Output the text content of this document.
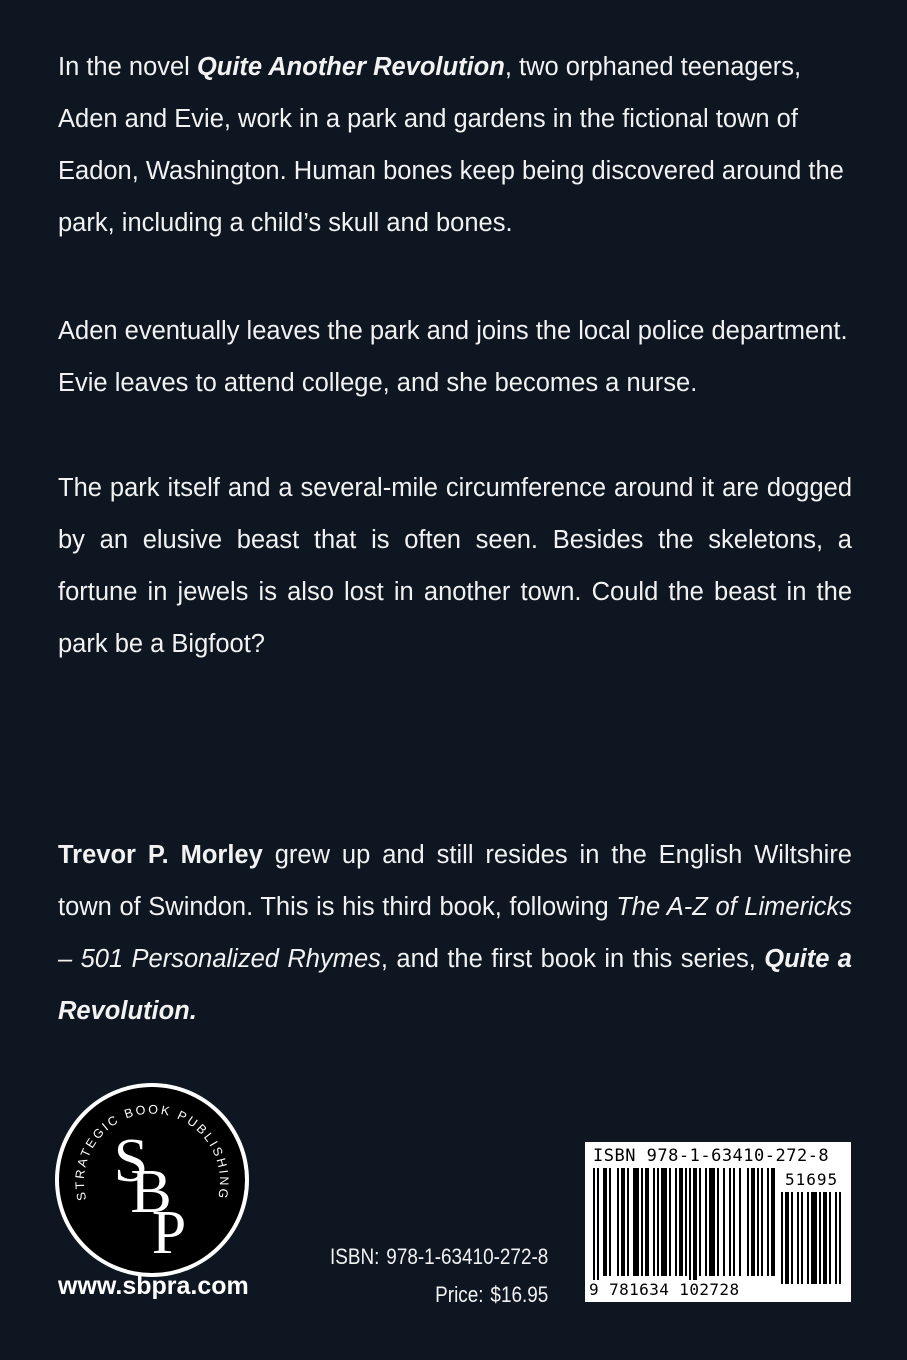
In the novel Quite Another Revolution, two orphaned teenagers, Aden and Evie, work in a park and gardens in the fictional town of Eadon, Washington. Human bones keep being discovered around the park, including a child’s skull and bones.

Aden eventually leaves the park and joins the local police department. Evie leaves to attend college, and she becomes a nurse.

The park itself and a several-mile circumference around it are dogged by an elusive beast that is often seen. Besides the skeletons, a fortune in jewels is also lost in another town. Could the beast in the park be a Bigfoot?

Trevor P. Morley grew up and still resides in the English Wiltshire town of Swindon. This is his third book, following The A-Z of Limericks – 501 Personalized Rhymes, and the first book in this series, Quite a Revolution.

STRATEGIC BOOK PUBLISHING
S
B
P
www.sbpra.com
ISBN: 978-1-63410-272-8
Price: $16.95
ISBN 978-1-63410-272-8
51695
9 781634 102728
